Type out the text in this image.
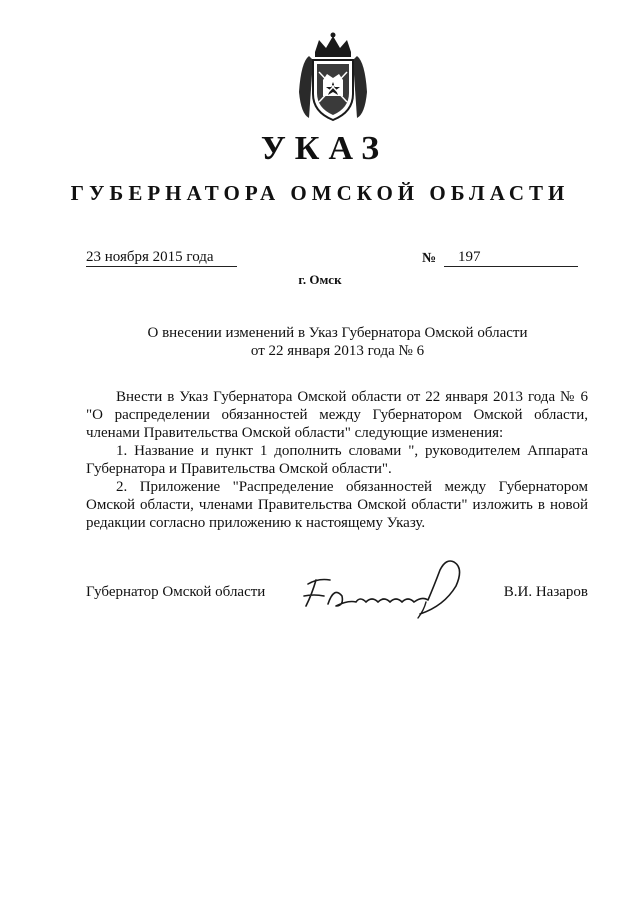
УКАЗ
ГУБЕРНАТОРА ОМСКОЙ ОБЛАСТИ
23 ноября 2015 года	№	197
г. Омск
О внесении изменений в Указ Губернатора Омской области
от 22 января 2013 года № 6

Внести в Указ Губернатора Омской области от 22 января 2013 года № 6 "О распределении обязанностей между Губернатором Омской области, членами Правительства Омской области" следующие изменения:

1. Название и пункт 1 дополнить словами ", руководителем Аппарата Губернатора и Правительства Омской области".

2. Приложение "Распределение обязанностей между Губернатором Омской области, членами Правительства Омской области" изложить в новой редакции согласно приложению к настоящему Указу.

Губернатор Омской области	В.И. Назаров
